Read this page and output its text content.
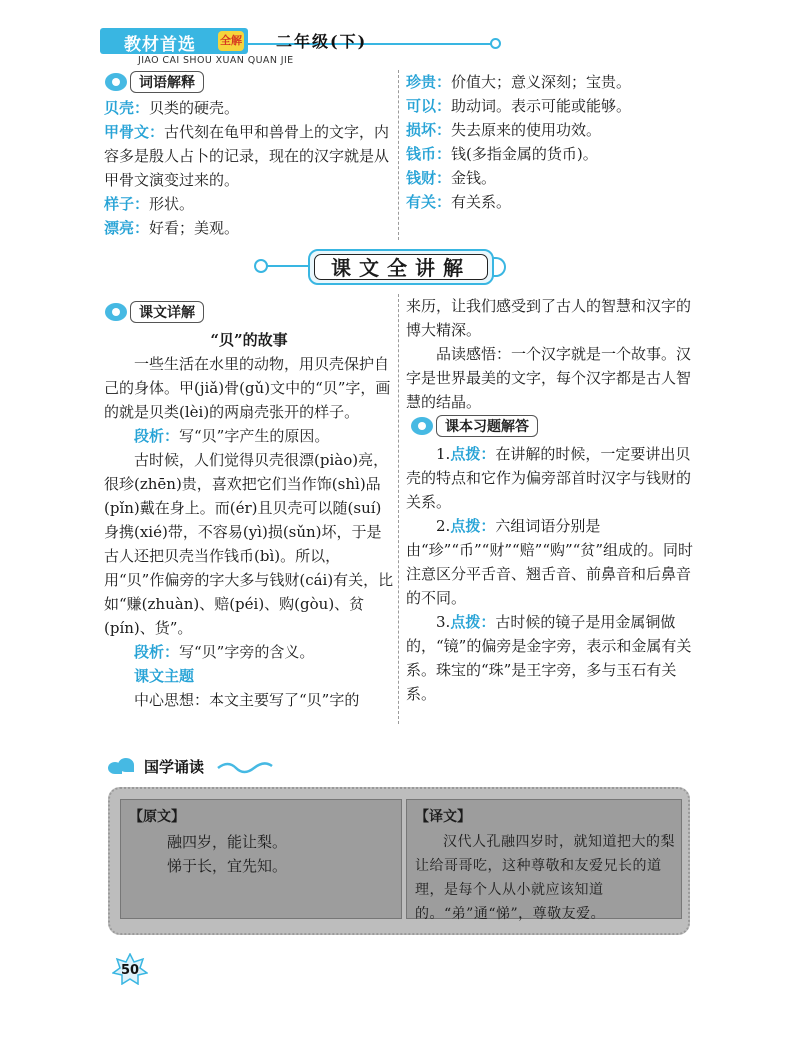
教材首选 全解 二年级(下)
JIAO CAI SHOU XUAN QUAN JIE
词语解释
贝壳：贝类的硬壳。
甲骨文：古代刻在龟甲和兽骨上的文字，内容多是殷人占卜的记录，现在的汉字就是从甲骨文演变过来的。
样子：形状。
漂亮：好看；美观。
珍贵：价值大；意义深刻；宝贵。
可以：助动词。表示可能或能够。
损坏：失去原来的使用功效。
钱币：钱(多指金属的货币)。
钱财：金钱。
有关：有关系。
课文全讲解
课文详解
“贝”的故事

一些生活在水里的动物，用贝壳保护自己的身体。甲(jiǎ)骨(gǔ)文中的“贝”字，画的就是贝类(lèi)的两扇壳张开的样子。

段析：写“贝”字产生的原因。

古时候，人们觉得贝壳很漂(piào)亮，很珍(zhēn)贵，喜欢把它们当作饰(shì)品(pǐn)戴在身上。而(ér)且贝壳可以随(suí)身携(xié)带，不容易(yì)损(sǔn)坏，于是古人还把贝壳当作钱币(bì)。所以，用“贝”作偏旁的字大多与钱财(cái)有关，比如“赚(zhuàn)、赔(péi)、购(gòu)、贫(pín)、货”。

段析：写“贝”字旁的含义。

课文主题

中心思想：本文主要写了“贝”字的

来历，让我们感受到了古人的智慧和汉字的博大精深。

品读感悟：一个汉字就是一个故事。汉字是世界最美的文字，每个汉字都是古人智慧的结晶。

课本习题解答

1.点拨：在讲解的时候，一定要讲出贝壳的特点和它作为偏旁部首时汉字与钱财的关系。

2.点拨：六组词语分别是由“珍”“币”“财”“赔”“购”“贫”组成的。同时注意区分平舌音、翘舌音、前鼻音和后鼻音的不同。

3.点拨：古时候的镜子是用金属铜做的，“镜”的偏旁是金字旁，表示和金属有关系。珠宝的“珠”是王字旁，多与玉石有关系。

国学诵读
【原文】
融四岁，能让梨。
悌于长，宜先知。
【译文】
汉代人孔融四岁时，就知道把大的梨让给哥哥吃，这种尊敬和友爱兄长的道理，是每个人从小就应该知道的。“弟”通“悌”，尊敬友爱。
50
